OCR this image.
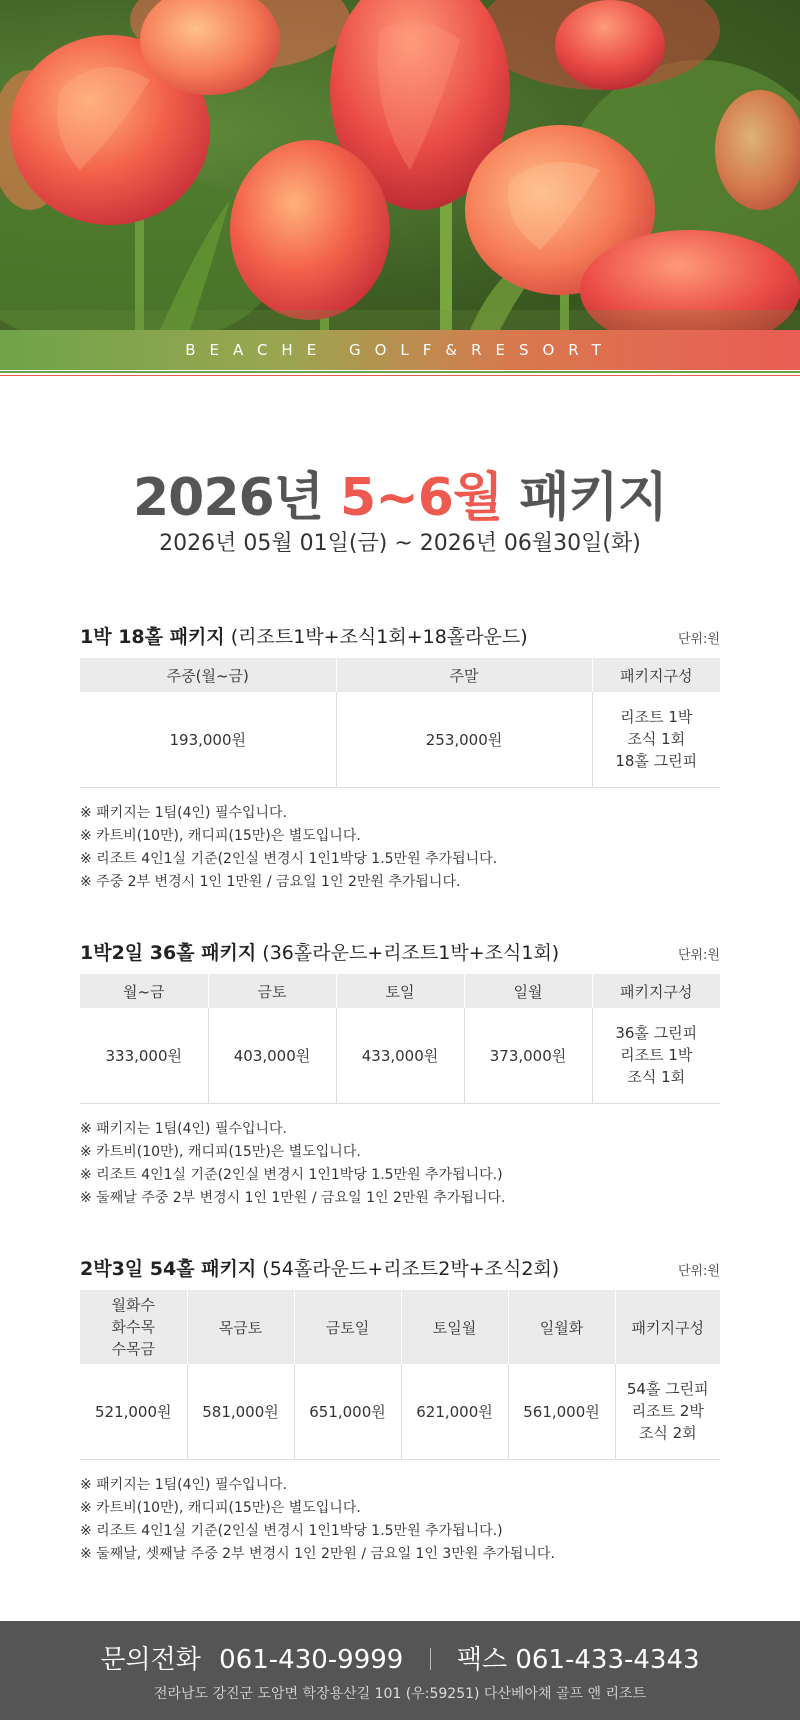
BEACHE GOLF&RESORT
2026년 5~6월 패키지
2026년 05월 01일(금) ~ 2026년 06월30일(화)
1박 18홀 패키지 (리조트1박+조식1회+18홀라운드)	단위:원
주중(월~금)	주말	패키지구성
193,000원	253,000원	리조트 1박
조식 1회
18홀 그린피
※ 패키지는 1팀(4인) 필수입니다.
※ 카트비(10만), 캐디피(15만)은 별도입니다.
※ 리조트 4인1실 기준(2인실 변경시 1인1박당 1.5만원 추가됩니다.
※ 주중 2부 변경시 1인 1만원 / 금요일 1인 2만원 추가됩니다.
1박2일 36홀 패키지 (36홀라운드+리조트1박+조식1회)	단위:원
월~금	금토	토일	일월	패키지구성
333,000원	403,000원	433,000원	373,000원	36홀 그린피
리조트 1박
조식 1회
※ 패키지는 1팀(4인) 필수입니다.
※ 카트비(10만), 캐디피(15만)은 별도입니다.
※ 리조트 4인1실 기준(2인실 변경시 1인1박당 1.5만원 추가됩니다.)
※ 둘째날 주중 2부 변경시 1인 1만원 / 금요일 1인 2만원 추가됩니다.
2박3일 54홀 패키지 (54홀라운드+리조트2박+조식2회)	단위:원
월화수
화수목
수목금	목금토	금토일	토일월	일월화	패키지구성
521,000원	581,000원	651,000원	621,000원	561,000원	54홀 그린피
리조트 2박
조식 2회
※ 패키지는 1팀(4인) 필수입니다.
※ 카트비(10만), 캐디피(15만)은 별도입니다.
※ 리조트 4인1실 기준(2인실 변경시 1인1박당 1.5만원 추가됩니다.)
※ 둘째날, 셋째날 주중 2부 변경시 1인 2만원 / 금요일 1인 3만원 추가됩니다.
문의전화 061-430-9999 팩스 061-433-4343
전라남도 강진군 도암면 학장용산길 101 (우:59251) 다산베아채 골프 앤 리조트
